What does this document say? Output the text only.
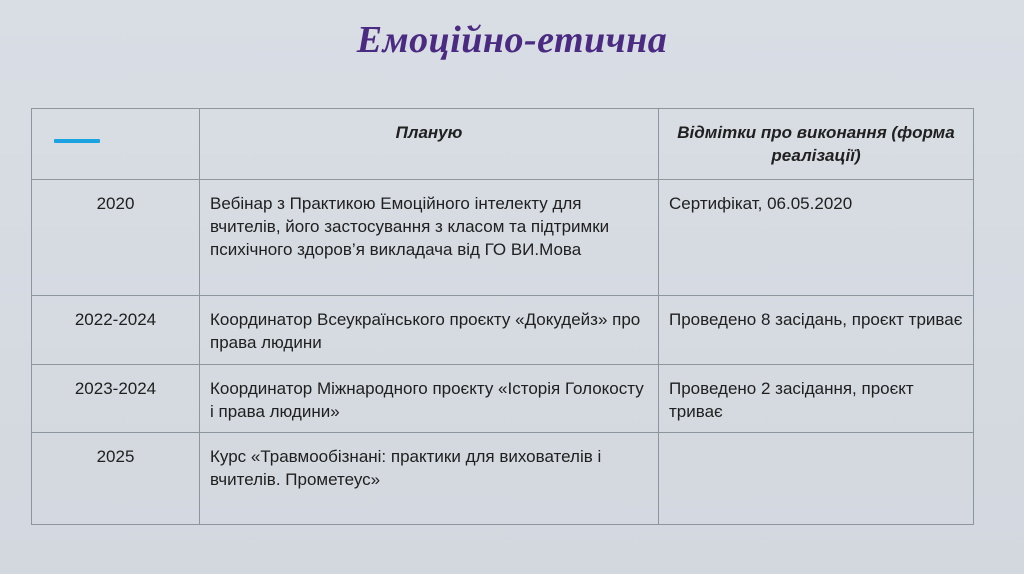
Емоційно-етична
	Планую	Відмітки про виконання (форма реалізації)
2020	Вебінар з Практикою Емоційного інтелекту для вчителів, його застосування з класом та підтримки психічного здоров’я викладача від ГО ВИ.Мова	Сертифікат, 06.05.2020
2022-2024	Координатор Всеукраїнського проєкту «Докудейз» про права людини	Проведено 8 засідань, проєкт триває
2023-2024	Координатор Міжнародного проєкту «Історія Голокосту і права людини»	Проведено 2 засідання, проєкт триває
2025	Курс «Травмообізнані: практики для вихователів і вчителів. Прометеус»	
